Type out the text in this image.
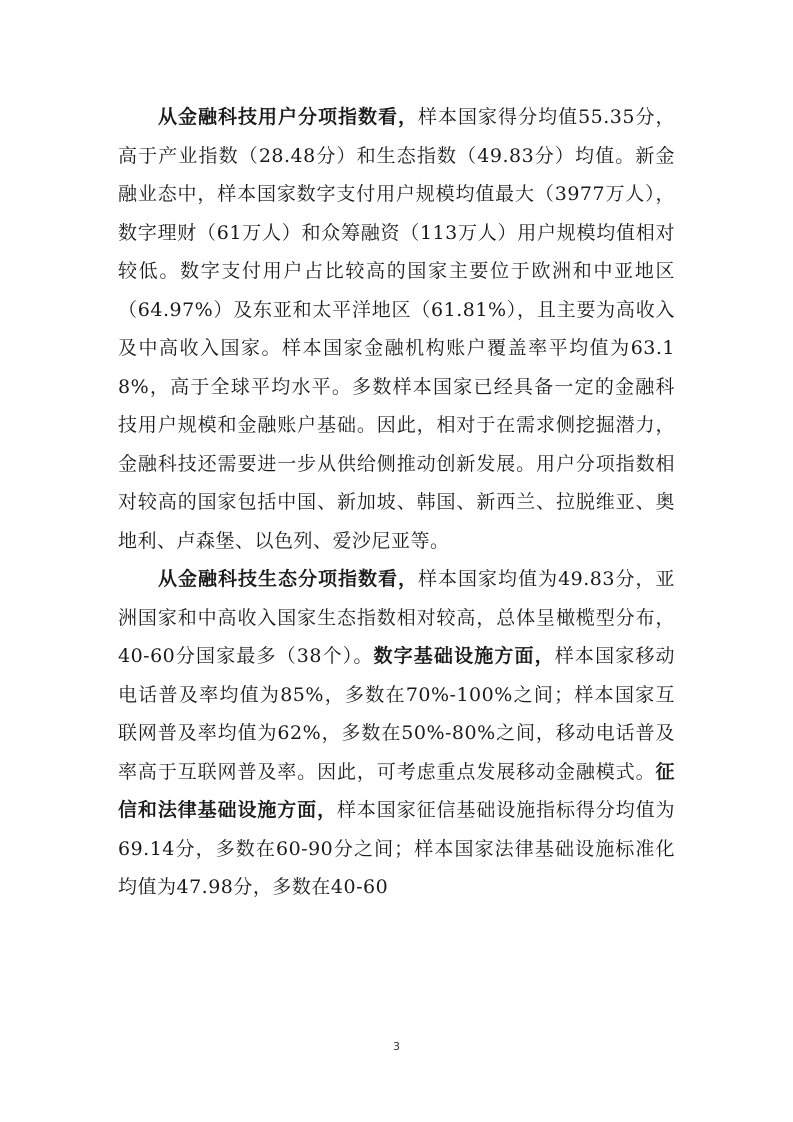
从金融科技用户分项指数看，样本国家得分均值55.35分，高于产业指数（28.48分）和生态指数（49.83分）均值。新金融业态中，样本国家数字支付用户规模均值最大（3977万人），数字理财（61万人）和众筹融资（113万人）用户规模均值相对较低。数字支付用户占比较高的国家主要位于欧洲和中亚地区（64.97%）及东亚和太平洋地区（61.81%），且主要为高收入及中高收入国家。样本国家金融机构账户覆盖率平均值为63.18%，高于全球平均水平。多数样本国家已经具备一定的金融科技用户规模和金融账户基础。因此，相对于在需求侧挖掘潜力，金融科技还需要进一步从供给侧推动创新发展。用户分项指数相对较高的国家包括中国、新加坡、韩国、新西兰、拉脱维亚、奥地利、卢森堡、以色列、爱沙尼亚等。

从金融科技生态分项指数看，样本国家均值为49.83分，亚洲国家和中高收入国家生态指数相对较高，总体呈橄榄型分布，40-60分国家最多（38个）。数字基础设施方面，样本国家移动电话普及率均值为85%，多数在70%-100%之间；样本国家互联网普及率均值为62%，多数在50%-80%之间，移动电话普及率高于互联网普及率。因此，可考虑重点发展移动金融模式。征信和法律基础设施方面，样本国家征信基础设施指标得分均值为69.14分，多数在60-90分之间；样本国家法律基础设施标准化均值为47.98分，多数在40-60

3
